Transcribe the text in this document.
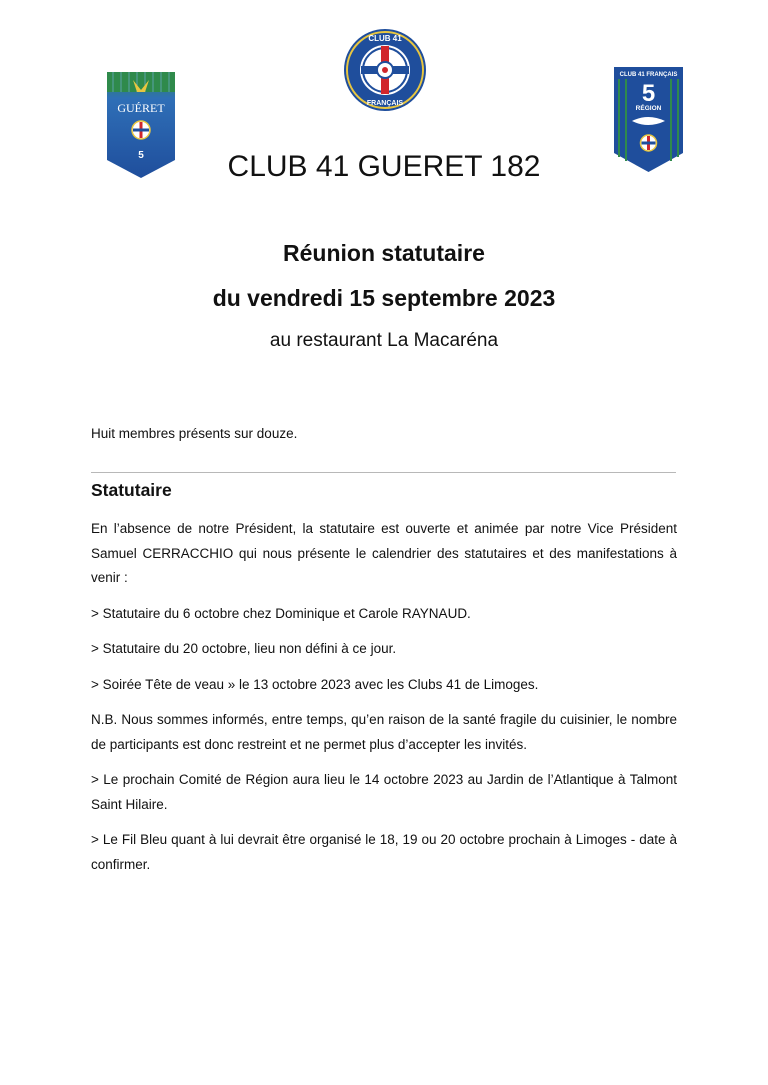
CLUB 41
FRANÇAIS
GUÉRET
5
CLUB 41 FRANÇAIS
5
RÉGION
CLUB 41 GUERET 182
Réunion statutaire
du vendredi 15 septembre 2023
au restaurant La Macaréna
Huit membres présents sur douze.
Statutaire

En l’absence de notre Président, la statutaire est ouverte et animée par notre Vice Président Samuel CERRACCHIO qui nous présente le calendrier des statutaires et des manifestations à venir :

> Statutaire du 6 octobre chez Dominique et Carole RAYNAUD.

> Statutaire du 20 octobre, lieu non défini à ce jour.

> Soirée Tête de veau » le 13 octobre 2023 avec les Clubs 41 de Limoges.

N.B. Nous sommes informés, entre temps, qu’en raison de la santé fragile du cuisinier, le nombre de participants est donc restreint et ne permet plus d’accepter les invités.

> Le prochain Comité de Région aura lieu le 14 octobre 2023 au Jardin de l’Atlantique à Talmont Saint Hilaire.

> Le Fil Bleu quant à lui devrait être organisé le 18, 19 ou 20 octobre prochain à Limoges - date à confirmer.
